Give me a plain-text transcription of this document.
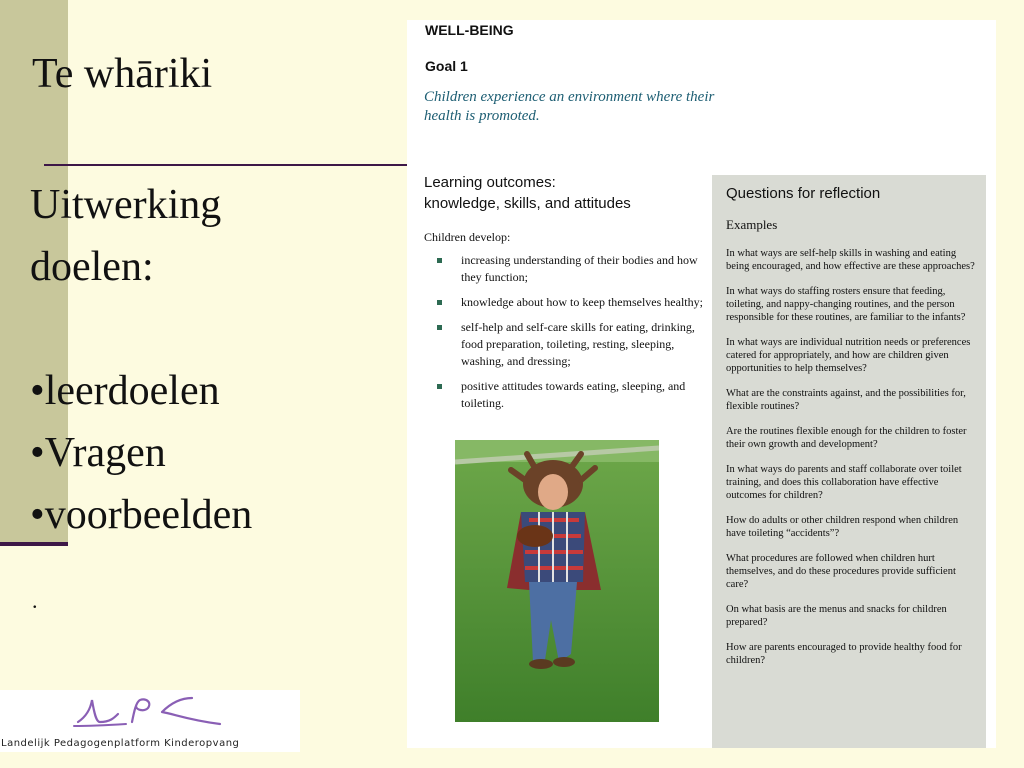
Te whāriki
Uitwerking
doelen:

•leerdoelen
•Vragen
•voorbeelden
.
Landelijk Pedagogenplatform Kinderopvang
WELL-BEING
Goal 1
Children experience an environment where their health is promoted.
Learning outcomes:
knowledge, skills, and attitudes
Children develop:
increasing understanding of their bodies and how they function;
knowledge about how to keep themselves healthy;
self-help and self-care skills for eating, drinking, food preparation, toileting, resting, sleeping, washing, and dressing;
positive attitudes towards eating, sleeping, and toileting.
Questions for reflection
Examples

In what ways are self-help skills in washing and eating being encouraged, and how effective are these approaches?

In what ways do staffing rosters ensure that feeding, toileting, and nappy-changing routines, and the person responsible for these routines, are familiar to the infants?

In what ways are individual nutrition needs or preferences catered for appropriately, and how are children given opportunities to help themselves?

What are the constraints against, and the possibilities for, flexible routines?

Are the routines flexible enough for the children to foster their own growth and development?

In what ways do parents and staff collaborate over toilet training, and does this collaboration have effective outcomes for children?

How do adults or other children respond when children have toileting “accidents”?

What procedures are followed when children hurt themselves, and do these procedures provide sufficient care?

On what basis are the menus and snacks for children prepared?

How are parents encouraged to provide healthy food for children?
